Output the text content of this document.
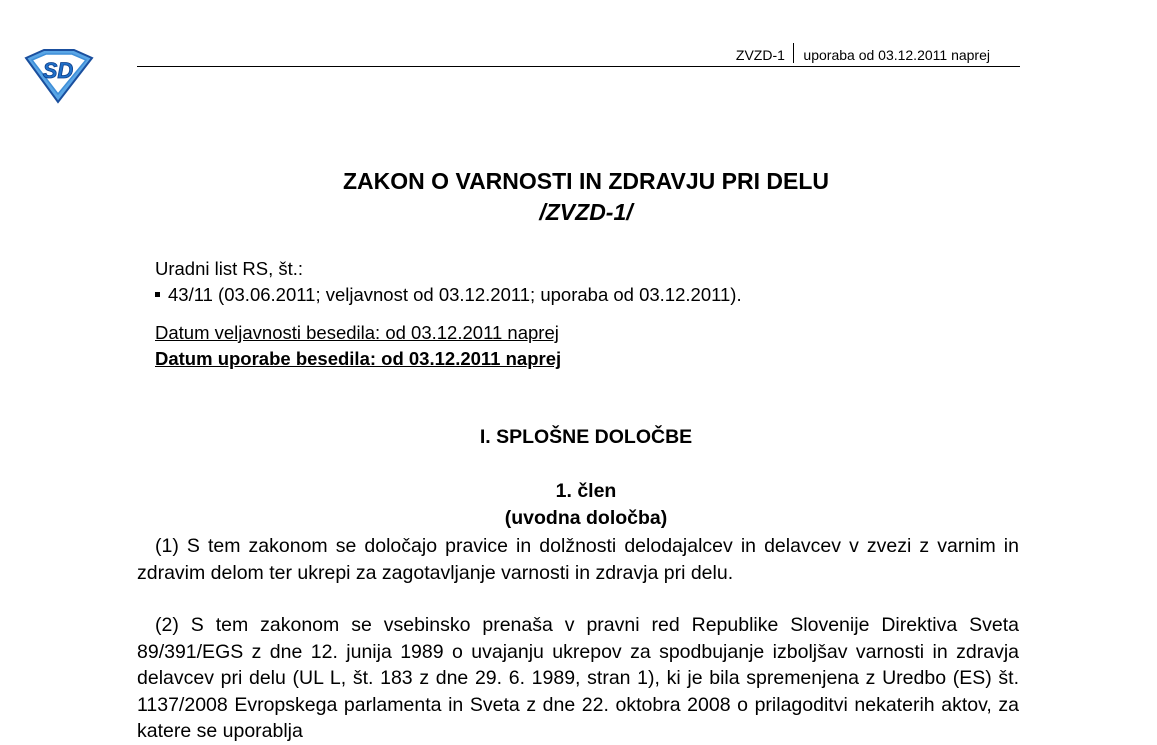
SD
ZVZD-1 uporaba od 03.12.2011 naprej
ZAKON O VARNOSTI IN ZDRAVJU PRI DELU
/ZVZD-1/
Uradni list RS, št.:
43/11 (03.06.2011; veljavnost od 03.12.2011; uporaba od 03.12.2011).
Datum veljavnosti besedila: od 03.12.2011 naprej
Datum uporabe besedila: od 03.12.2011 naprej
I. SPLOŠNE DOLOČBE
1. člen
(uvodna določba)
(1) S tem zakonom se določajo pravice in dolžnosti delodajalcev in delavcev v zvezi z varnim in zdravim delom ter ukrepi za zagotavljanje varnosti in zdravja pri delu.
(2) S tem zakonom se vsebinsko prenaša v pravni red Republike Slovenije Direktiva Sveta 89/391/EGS z dne 12. junija 1989 o uvajanju ukrepov za spodbujanje izboljšav varnosti in zdravja delavcev pri delu (UL L, št. 183 z dne 29. 6. 1989, stran 1), ki je bila spremenjena z Uredbo (ES) št. 1137/2008 Evropskega parlamenta in Sveta z dne 22. oktobra 2008 o prilagoditvi nekaterih aktov, za katere se uporablja
